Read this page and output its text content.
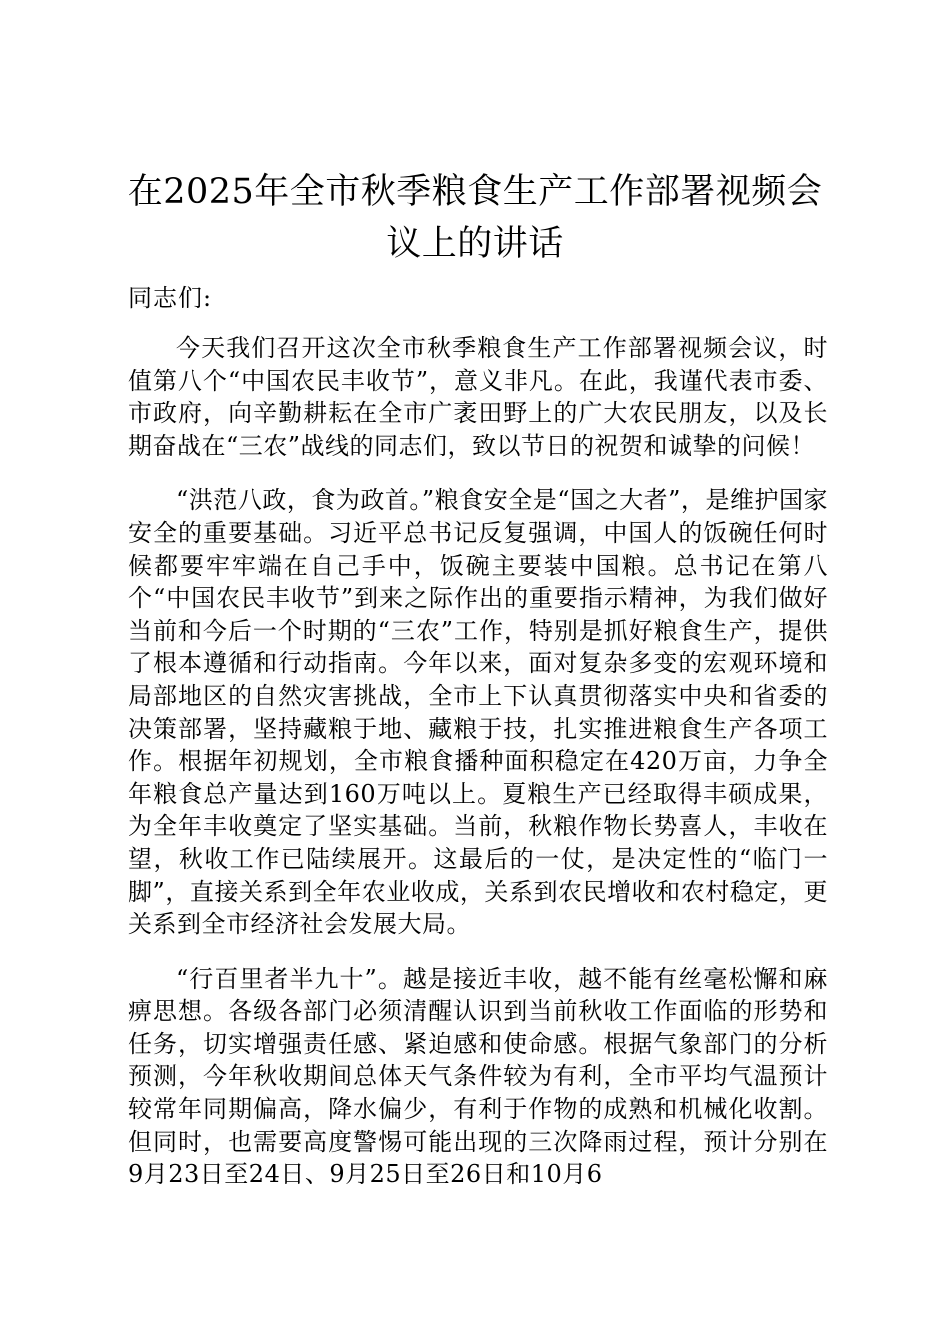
在2025年全市秋季粮食生产工作部署视频会议上的讲话

同志们:

今天我们召开这次全市秋季粮食生产工作部署视频会议，时值第八个“中国农民丰收节”，意义非凡。在此，我谨代表市委、市政府，向辛勤耕耘在全市广袤田野上的广大农民朋友，以及长期奋战在“三农”战线的同志们，致以节日的祝贺和诚挚的问候！

“洪范八政，食为政首。”粮食安全是“国之大者”，是维护国家安全的重要基础。习近平总书记反复强调，中国人的饭碗任何时候都要牢牢端在自己手中，饭碗主要装中国粮。总书记在第八个“中国农民丰收节”到来之际作出的重要指示精神，为我们做好当前和今后一个时期的“三农”工作，特别是抓好粮食生产，提供了根本遵循和行动指南。今年以来，面对复杂多变的宏观环境和局部地区的自然灾害挑战，全市上下认真贯彻落实中央和省委的决策部署，坚持藏粮于地、藏粮于技，扎实推进粮食生产各项工作。根据年初规划，全市粮食播种面积稳定在420万亩，力争全年粮食总产量达到160万吨以上。夏粮生产已经取得丰硕成果，为全年丰收奠定了坚实基础。当前，秋粮作物长势喜人，丰收在望，秋收工作已陆续展开。这最后的一仗，是决定性的“临门一脚”，直接关系到全年农业收成，关系到农民增收和农村稳定，更关系到全市经济社会发展大局。

“行百里者半九十”。越是接近丰收，越不能有丝毫松懈和麻痹思想。各级各部门必须清醒认识到当前秋收工作面临的形势和任务，切实增强责任感、紧迫感和使命感。根据气象部门的分析预测，今年秋收期间总体天气条件较为有利，全市平均气温预计较常年同期偏高，降水偏少，有利于作物的成熟和机械化收割。但同时，也需要高度警惕可能出现的三次降雨过程，预计分别在9月23日至24日、9月25日至26日和10月6
